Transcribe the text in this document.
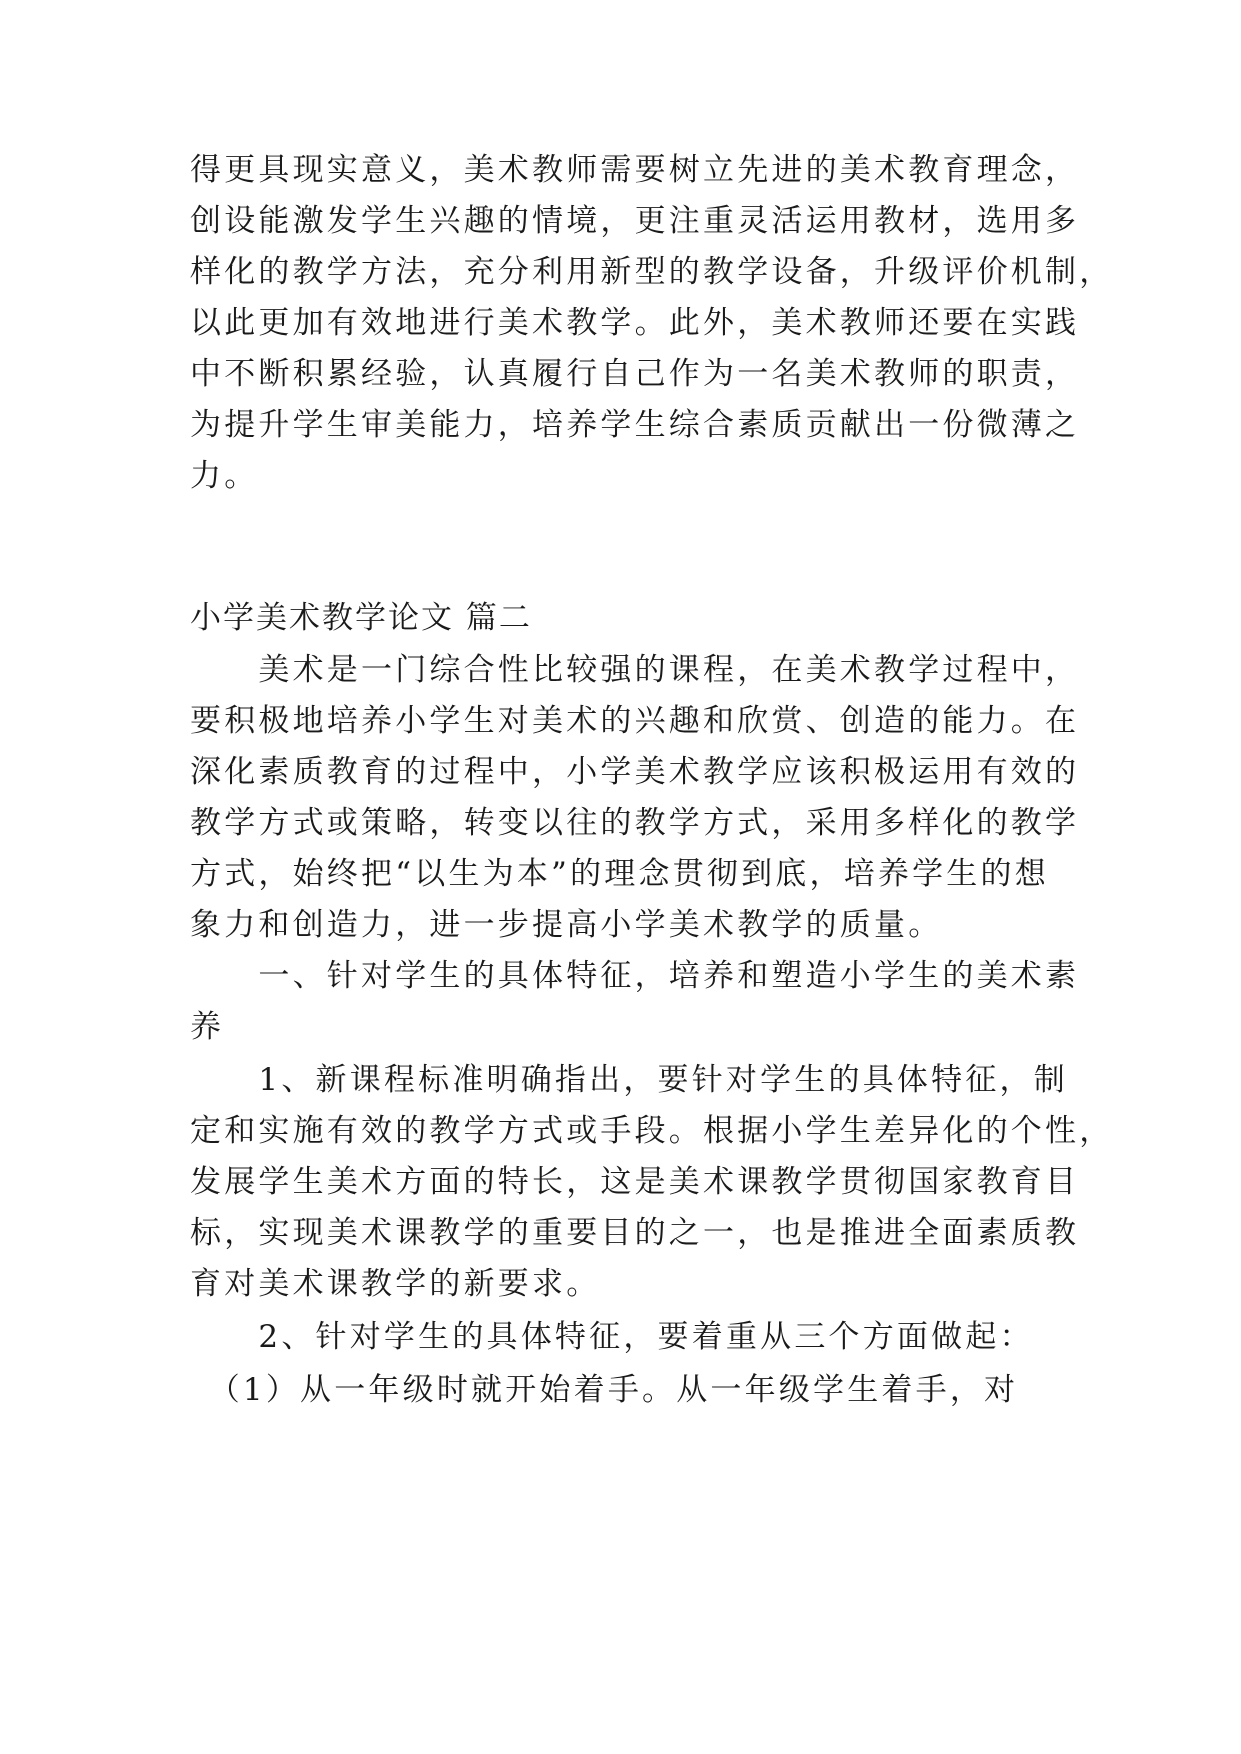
得更具现实意义，美术教师需要树立先进的美术教育理念，
创设能激发学生兴趣的情境，更注重灵活运用教材，选用多
样化的教学方法，充分利用新型的教学设备，升级评价机制，
以此更加有效地进行美术教学。此外，美术教师还要在实践
中不断积累经验，认真履行自己作为一名美术教师的职责，
为提升学生审美能力，培养学生综合素质贡献出一份微薄之
力。
小学美术教学论文 篇二
　　美术是一门综合性比较强的课程，在美术教学过程中，
要积极地培养小学生对美术的兴趣和欣赏、创造的能力。在
深化素质教育的过程中，小学美术教学应该积极运用有效的
教学方式或策略，转变以往的教学方式，采用多样化的教学
方式，始终把“以生为本”的理念贯彻到底，培养学生的想
象力和创造力，进一步提高小学美术教学的质量。
　　一、针对学生的具体特征，培养和塑造小学生的美术素
养
　　1、新课程标准明确指出，要针对学生的具体特征，制
定和实施有效的教学方式或手段。根据小学生差异化的个性，
发展学生美术方面的特长，这是美术课教学贯彻国家教育目
标，实现美术课教学的重要目的之一，也是推进全面素质教
育对美术课教学的新要求。
　　2、针对学生的具体特征，要着重从三个方面做起：
　（1）从一年级时就开始着手。从一年级学生着手，对
